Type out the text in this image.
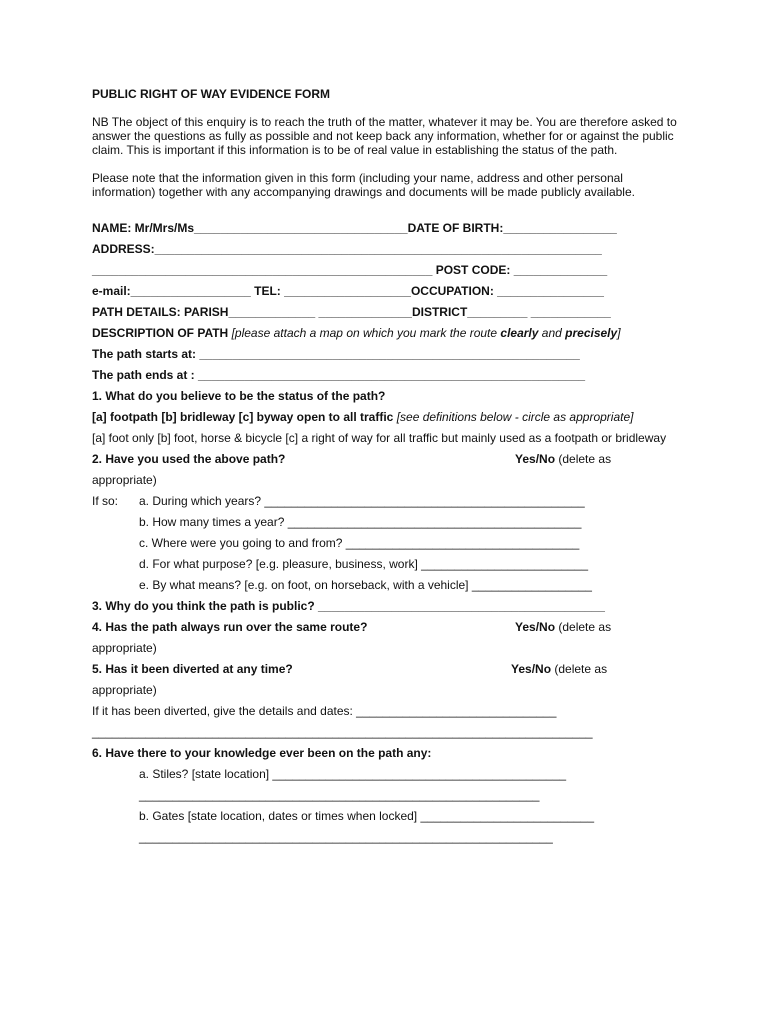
PUBLIC RIGHT OF WAY EVIDENCE FORM
NB The object of this enquiry is to reach the truth of the matter, whatever it may be. You are therefore asked to answer the questions as fully as possible and not keep back any information, whether for or against the public claim. This is important if this information is to be of real value in establishing the status of the path.
Please note that the information given in this form (including your name, address and other personal information) together with any accompanying drawings and documents will be made publicly available.
NAME: Mr/Mrs/Ms________________________________DATE OF BIRTH:_________________
ADDRESS:___________________________________________________________________
___________________________________________________ POST CODE: ______________
e-mail:__________________ TEL: ___________________OCCUPATION: ________________
PATH DETAILS: PARISH_____________ ______________DISTRICT_________ ____________
DESCRIPTION OF PATH [please attach a map on which you mark the route clearly and precisely]
The path starts at: _________________________________________________________
The path ends at : __________________________________________________________
1. What do you believe to be the status of the path?
[a] footpath [b] bridleway [c] byway open to all traffic [see definitions below - circle as appropriate]
[a] foot only [b] foot, horse & bicycle [c] a right of way for all traffic but mainly used as a footpath or bridleway
2. Have you used the above path?	Yes/No (delete as
appropriate)
If so: a. During which years? ________________________________________________
b. How many times a year? ____________________________________________
c. Where were you going to and from? ___________________________________
d. For what purpose? [e.g. pleasure, business, work] _________________________
e. By what means? [e.g. on foot, on horseback, with a vehicle] __________________
3. Why do you think the path is public? ___________________________________________
4. Has the path always run over the same route?	Yes/No (delete as
appropriate)
5. Has it been diverted at any time?	Yes/No (delete as
appropriate)
If it has been diverted, give the details and dates: ______________________________
___________________________________________________________________________
6. Have there to your knowledge ever been on the path any:
a. Stiles? [state location] ____________________________________________
____________________________________________________________
b. Gates [state location, dates or times when locked] __________________________
______________________________________________________________
